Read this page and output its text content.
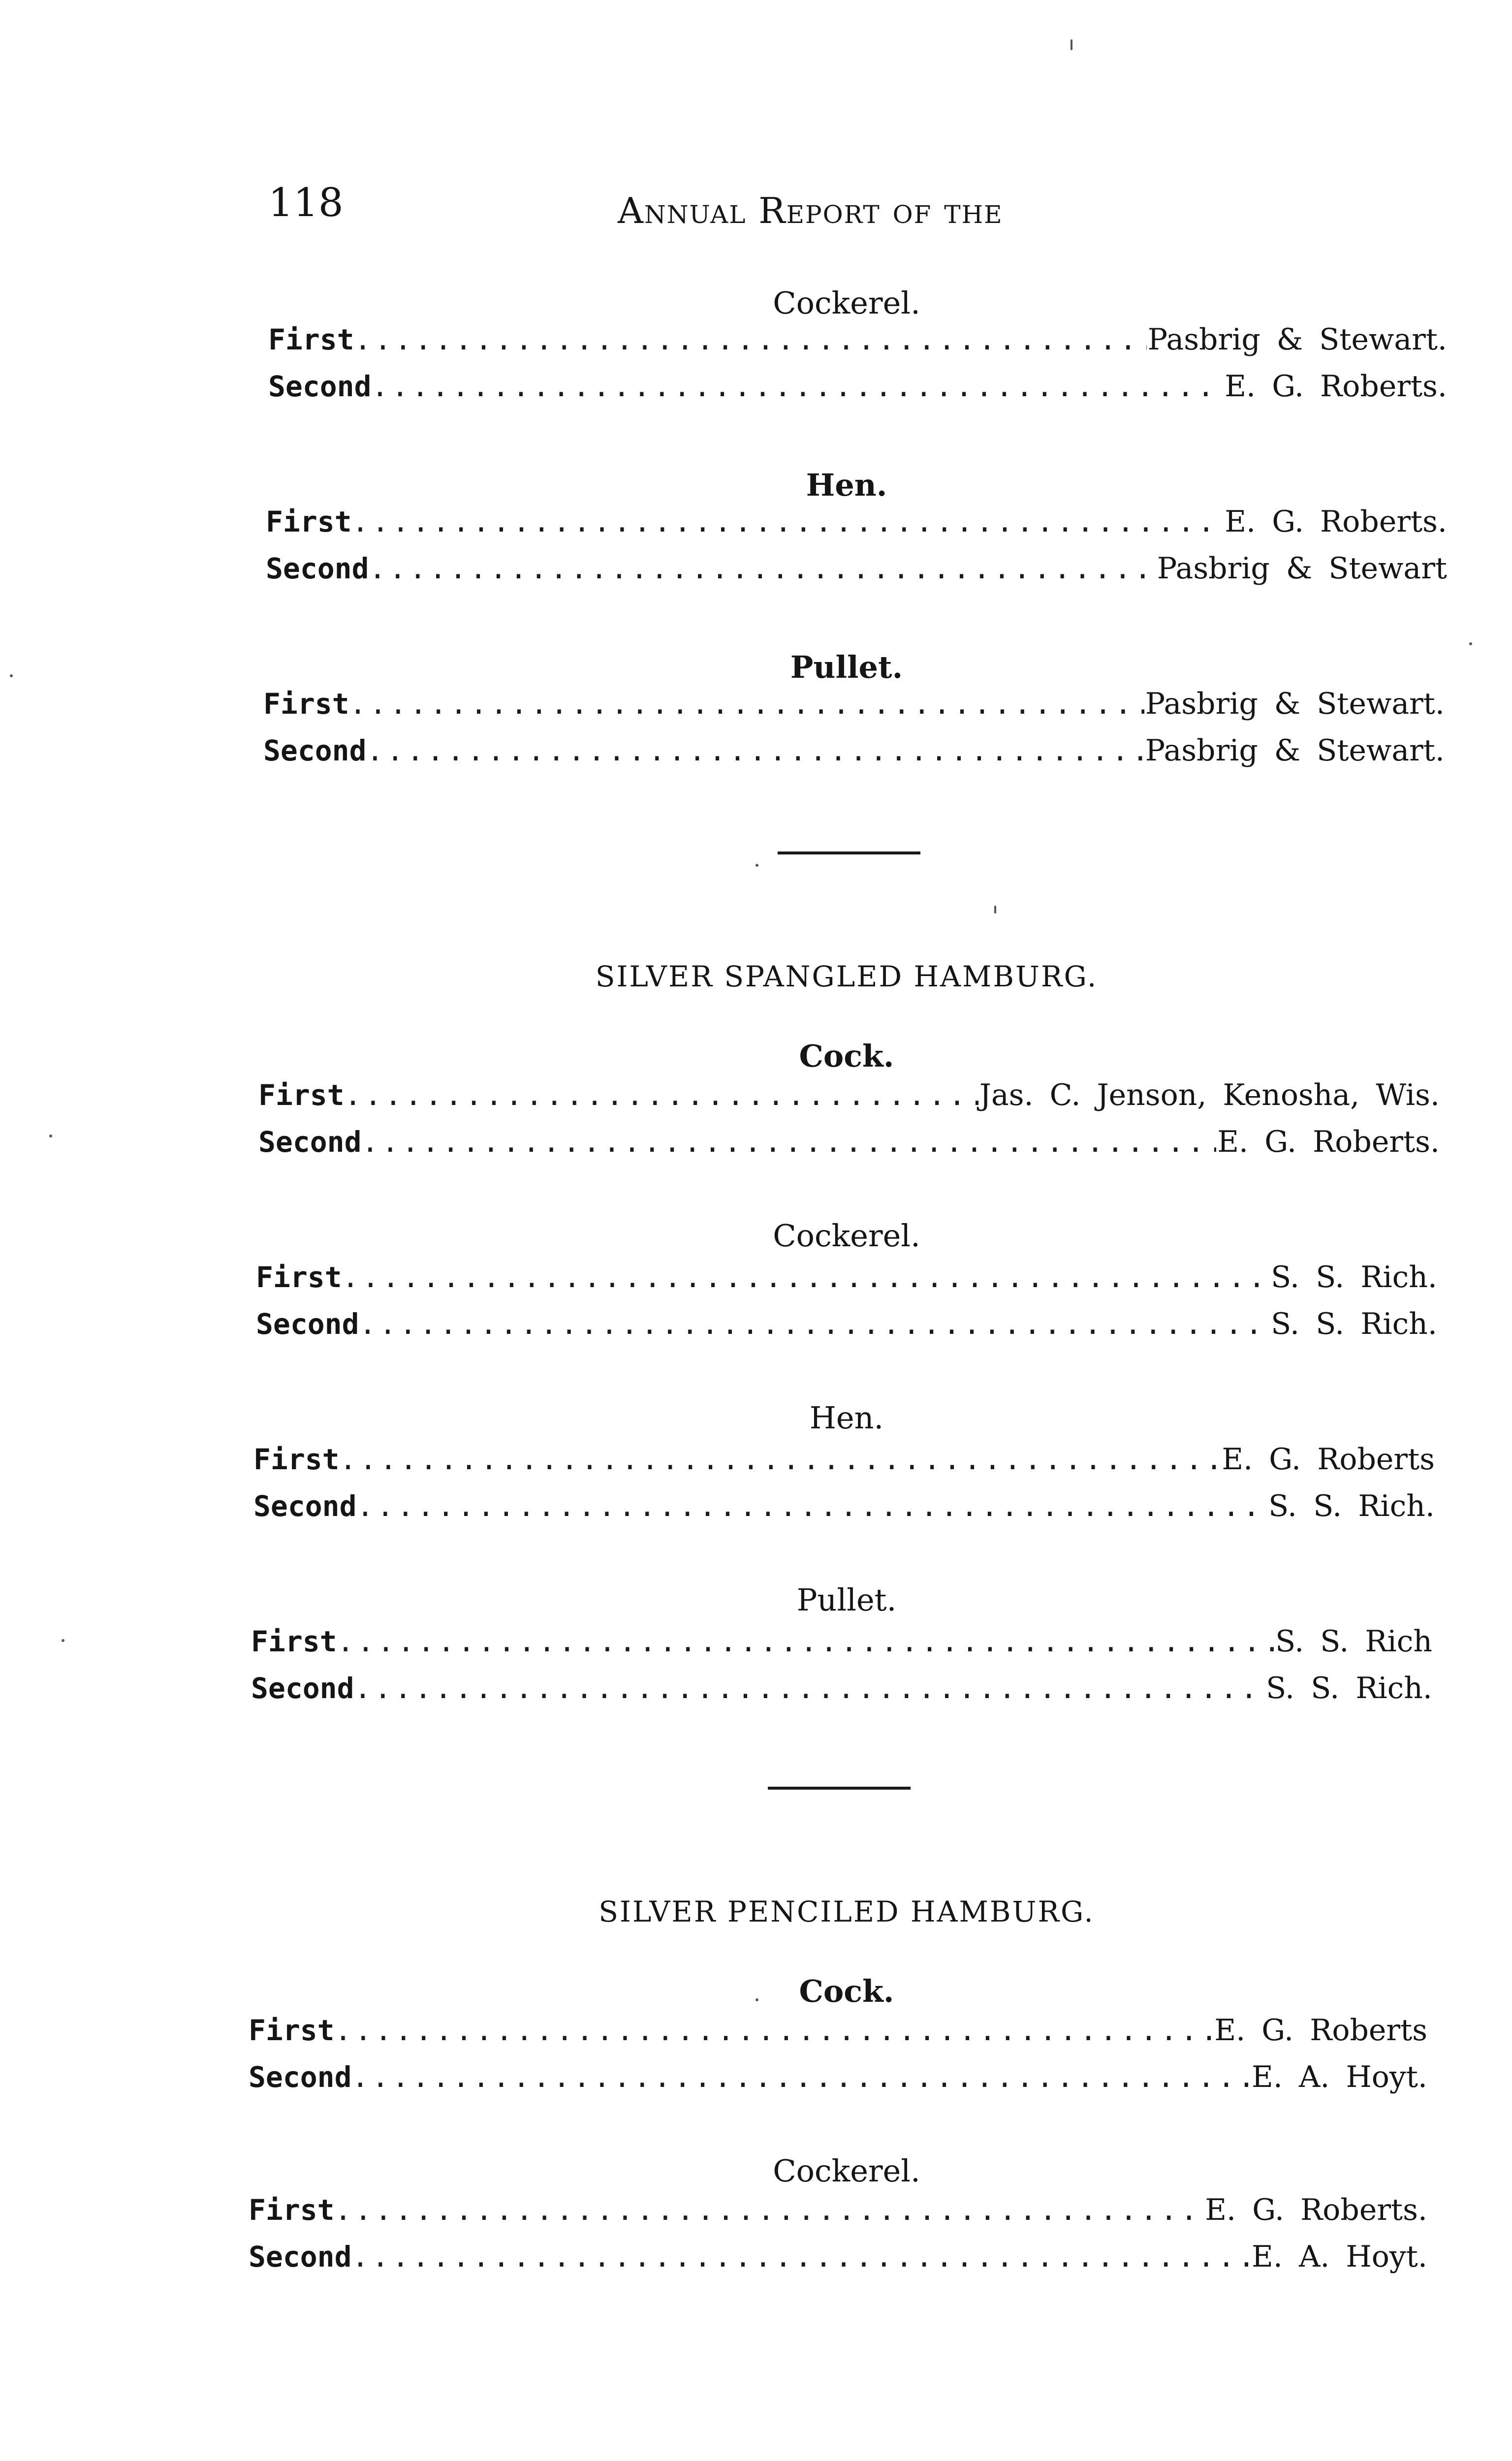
118	Annual Report of the
Cockerel.
First .....	Pasbrig & Stewart.
Second .....	E. G. Roberts.
Hen.
First .....	E. G. Roberts.
Second .....	Pasbrig & Stewart
Pullet.
First .....	Pasbrig & Stewart.
Second .....	Pasbrig & Stewart.
SILVER SPANGLED HAMBURG.
Cock.
First .....	Jas. C. Jenson, Kenosha, Wis.
Second .....	E. G. Roberts.
Cockerel.
First .....	S. S. Rich.
Second .....	S. S. Rich.
Hen.
First .....	E. G. Roberts
Second .....	S. S. Rich.
Pullet.
First .....	S. S. Rich
Second .....	S. S. Rich.
SILVER PENCILED HAMBURG.
Cock.
First .....	E. G. Roberts
Second .....	E. A. Hoyt.
Cockerel.
First .....	E. G. Roberts.
Second .....	E. A. Hoyt.
